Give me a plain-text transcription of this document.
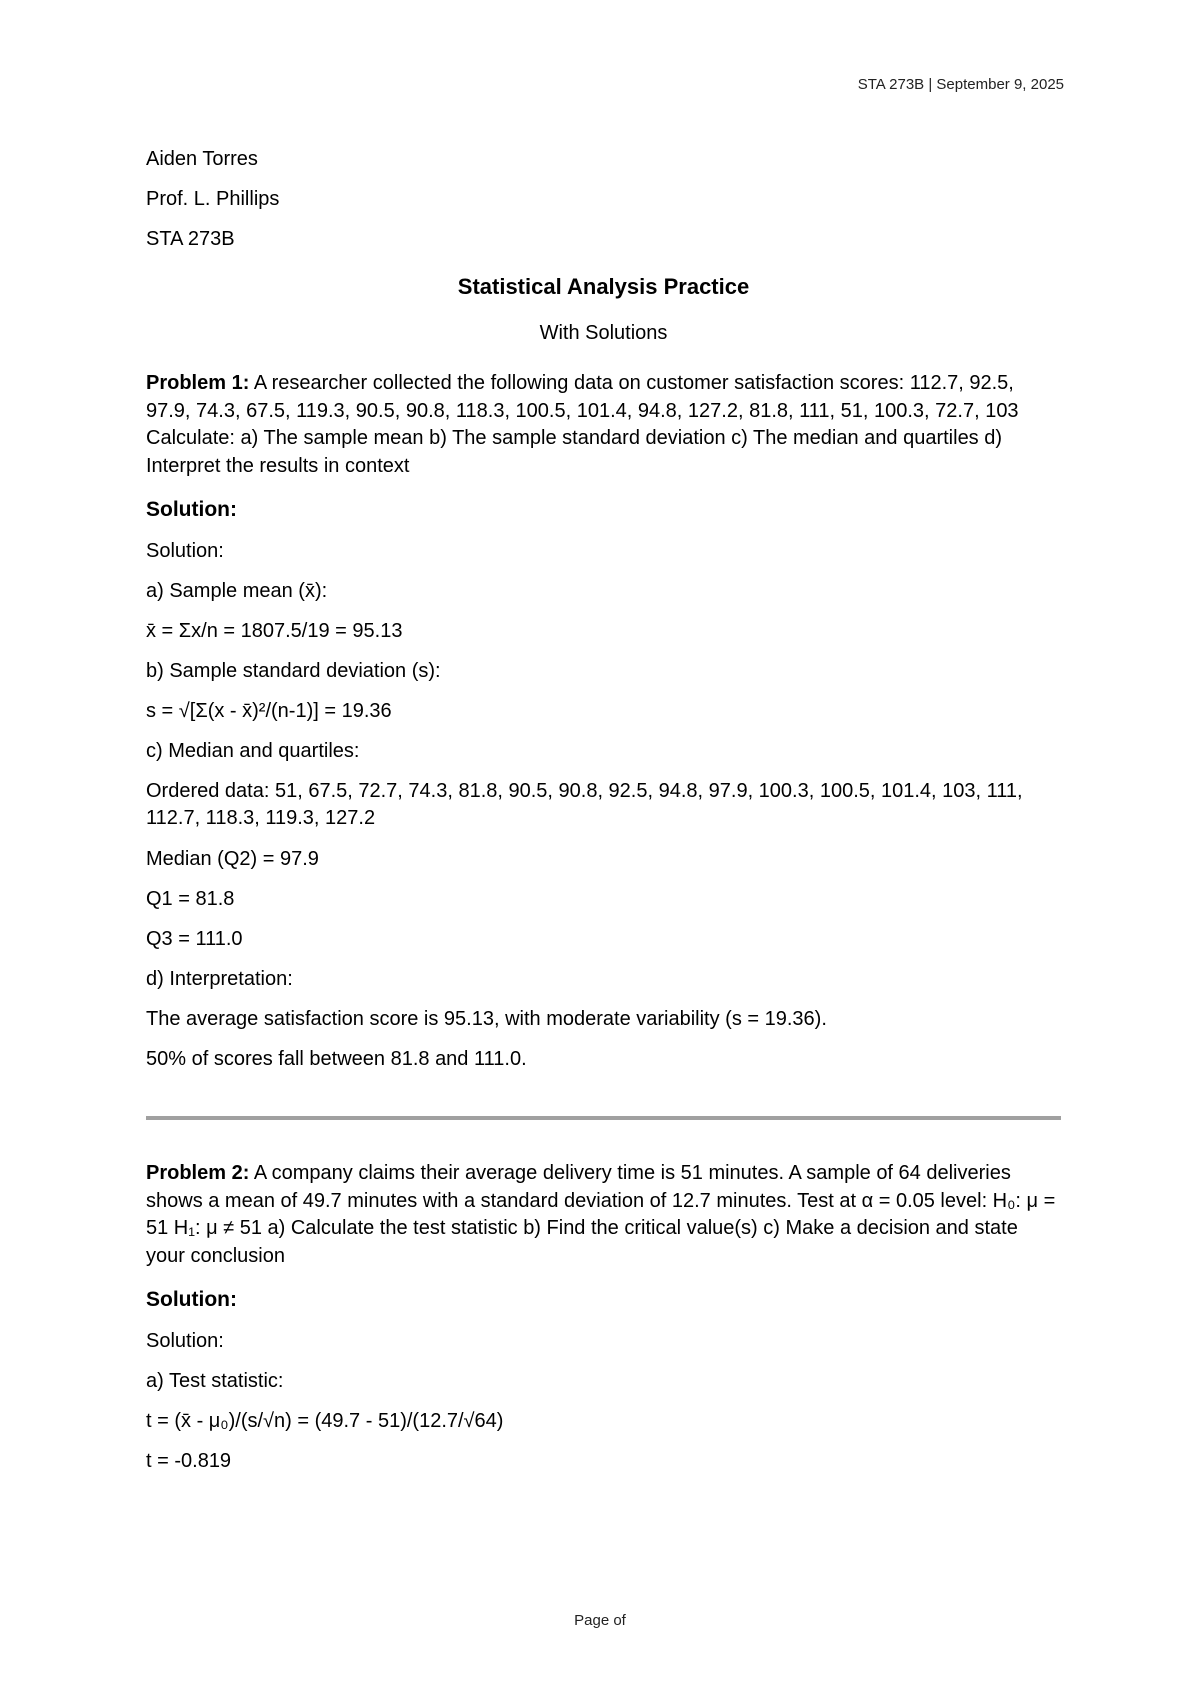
STA 273B | September 9, 2025
Aiden Torres
Prof. L. Phillips
STA 273B
Statistical Analysis Practice
With Solutions

Problem 1: A researcher collected the following data on customer satisfaction scores: 112.7, 92.5, 97.9, 74.3, 67.5, 119.3, 90.5, 90.8, 118.3, 100.5, 101.4, 94.8, 127.2, 81.8, 111, 51, 100.3, 72.7, 103 Calculate: a) The sample mean b) The sample standard deviation c) The median and quartiles d) Interpret the results in context

Solution:
Solution:
a) Sample mean (x̄):
x̄ = Σx/n = 1807.5/19 = 95.13
b) Sample standard deviation (s):
s = √[Σ(x - x̄)²/(n-1)] = 19.36
c) Median and quartiles:
Ordered data: 51, 67.5, 72.7, 74.3, 81.8, 90.5, 90.8, 92.5, 94.8, 97.9, 100.3, 100.5, 101.4, 103, 111, 112.7, 118.3, 119.3, 127.2
Median (Q2) = 97.9
Q1 = 81.8
Q3 = 111.0
d) Interpretation:
The average satisfaction score is 95.13, with moderate variability (s = 19.36).
50% of scores fall between 81.8 and 111.0.

Problem 2: A company claims their average delivery time is 51 minutes. A sample of 64 deliveries shows a mean of 49.7 minutes with a standard deviation of 12.7 minutes. Test at α = 0.05 level: H₀: μ = 51 H₁: μ ≠ 51 a) Calculate the test statistic b) Find the critical value(s) c) Make a decision and state your conclusion

Solution:
Solution:
a) Test statistic:
t = (x̄ - μ₀)/(s/√n) = (49.7 - 51)/(12.7/√64)
t = -0.819
Page of
